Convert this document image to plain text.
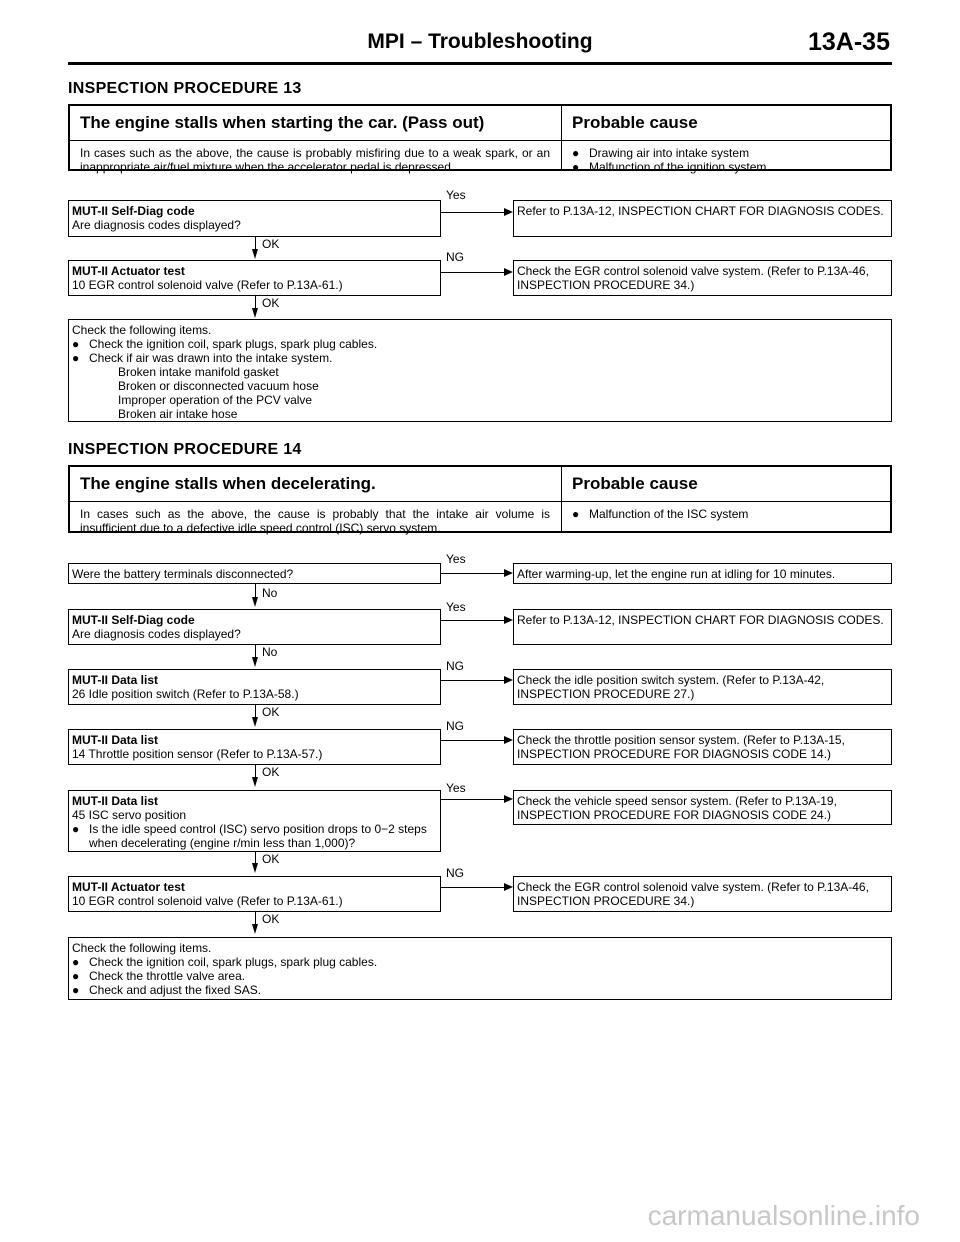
MPI – Troubleshooting	13A-35
INSPECTION PROCEDURE 13
The engine stalls when starting the car. (Pass out)	Probable cause
In cases such as the above, the cause is probably misfiring due to a weak spark, or an inappropriate air/fuel mixture when the accelerator pedal is depressed.
● Drawing air into intake system
● Malfunction of the ignition system
Yes
MUT-II Self-Diag code
Are diagnosis codes displayed?
Refer to P.13A-12, INSPECTION CHART FOR DIAGNOSIS CODES.
OK
NG
MUT-II Actuator test
10 EGR control solenoid valve (Refer to P.13A-61.)
Check the EGR control solenoid valve system. (Refer to P.13A-46, INSPECTION PROCEDURE 34.)
OK
Check the following items.
● Check the ignition coil, spark plugs, spark plug cables.
● Check if air was drawn into the intake system.
Broken intake manifold gasket
Broken or disconnected vacuum hose
Improper operation of the PCV valve
Broken air intake hose
INSPECTION PROCEDURE 14
The engine stalls when decelerating.	Probable cause
In cases such as the above, the cause is probably that the intake air volume is insufficient due to a defective idle speed control (ISC) servo system.
● Malfunction of the ISC system
Yes
Were the battery terminals disconnected?	After warming-up, let the engine run at idling for 10 minutes.
No
Yes
MUT-II Self-Diag code
Are diagnosis codes displayed?
Refer to P.13A-12, INSPECTION CHART FOR DIAGNOSIS CODES.
No
NG
MUT-II Data list
26 Idle position switch (Refer to P.13A-58.)
Check the idle position switch system. (Refer to P.13A-42, INSPECTION PROCEDURE 27.)
OK
NG
MUT-II Data list
14 Throttle position sensor (Refer to P.13A-57.)
Check the throttle position sensor system. (Refer to P.13A-15, INSPECTION PROCEDURE FOR DIAGNOSIS CODE 14.)
OK
Yes
MUT-II Data list
45 ISC servo position
● Is the idle speed control (ISC) servo position drops to 0−2 steps when decelerating (engine r/min less than 1,000)?
Check the vehicle speed sensor system. (Refer to P.13A-19, INSPECTION PROCEDURE FOR DIAGNOSIS CODE 24.)
OK
NG
MUT-II Actuator test
10 EGR control solenoid valve (Refer to P.13A-61.)
Check the EGR control solenoid valve system. (Refer to P.13A-46, INSPECTION PROCEDURE 34.)
OK
Check the following items.
● Check the ignition coil, spark plugs, spark plug cables.
● Check the throttle valve area.
● Check and adjust the fixed SAS.
carmanualsonline.info
